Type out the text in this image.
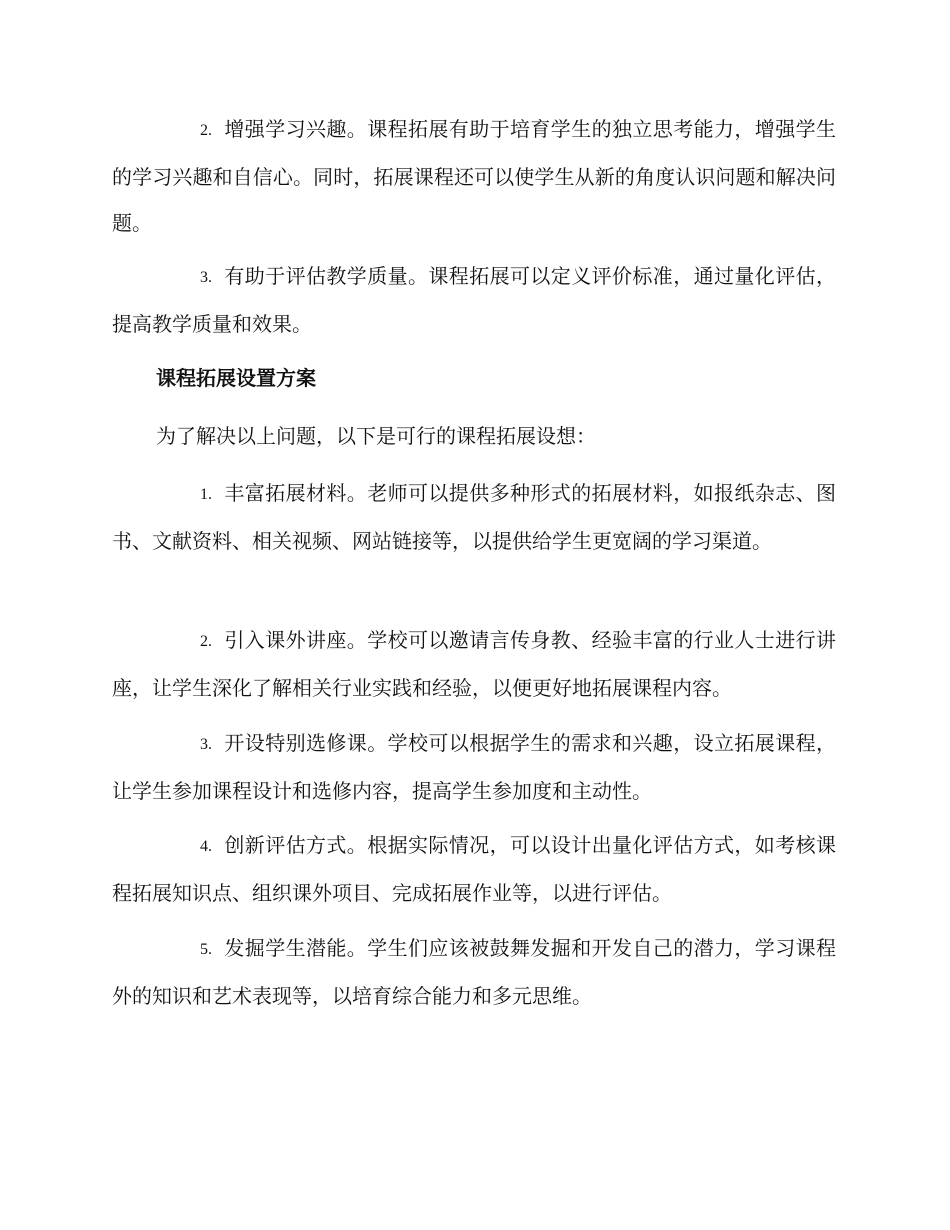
2. 增强学习兴趣。课程拓展有助于培育学生的独立思考能力，增强学生的学习兴趣和自信心。同时，拓展课程还可以使学生从新的角度认识问题和解决问题。

3. 有助于评估教学质量。课程拓展可以定义评价标准，通过量化评估，提高教学质量和效果。

课程拓展设置方案

为了解决以上问题，以下是可行的课程拓展设想：

1. 丰富拓展材料。老师可以提供多种形式的拓展材料，如报纸杂志、图书、文献资料、相关视频、网站链接等，以提供给学生更宽阔的学习渠道。

2. 引入课外讲座。学校可以邀请言传身教、经验丰富的行业人士进行讲座，让学生深化了解相关行业实践和经验，以便更好地拓展课程内容。

3. 开设特别选修课。学校可以根据学生的需求和兴趣，设立拓展课程，让学生参加课程设计和选修内容，提高学生参加度和主动性。

4. 创新评估方式。根据实际情况，可以设计出量化评估方式，如考核课程拓展知识点、组织课外项目、完成拓展作业等，以进行评估。

5. 发掘学生潜能。学生们应该被鼓舞发掘和开发自己的潜力，学习课程外的知识和艺术表现等，以培育综合能力和多元思维。
